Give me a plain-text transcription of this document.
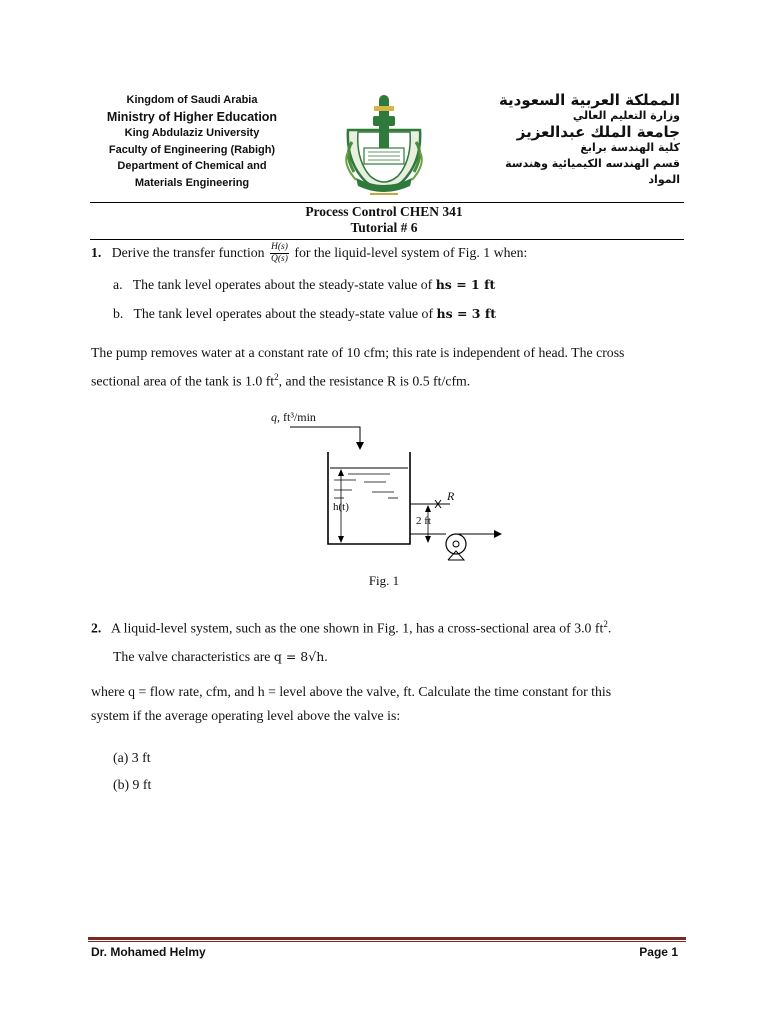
Kingdom of Saudi Arabia
Ministry of Higher Education
King Abdulaziz University
Faculty of Engineering (Rabigh)
Department of Chemical and
Materials Engineering
المملكة العربية السعودية
وزارة التعليم العالي
جامعة الملك عبدالعزيز
كلية الهندسة برابغ
قسم الهندسه الكيميائية وهندسة المواد
Process Control CHEN 341
Tutorial # 6
1. Derive the transfer function $\frac{H(s)}{Q(s)}$ for the liquid-level system of Fig. 1 when:
a. The tank level operates about the steady-state value of hs = 1 ft
b. The tank level operates about the steady-state value of hs = 3 ft
The pump removes water at a constant rate of 10 cfm; this rate is independent of head. The cross
sectional area of the tank is 1.0 $ft^2$, and the resistance R is 0.5 ft/cfm.
q, ft³/min
R
h(t)
2 ft
Fig. 1
2. A liquid-level system, such as the one shown in Fig. 1, has a cross-sectional area of 3.0 $ft^2$.
The valve characteristics are q = 8√h.
where q = flow rate, cfm, and h = level above the valve, ft. Calculate the time constant for this
system if the average operating level above the valve is:
(a) 3 ft
(b) 9 ft
Dr. Mohamed Helmy	Page 1
